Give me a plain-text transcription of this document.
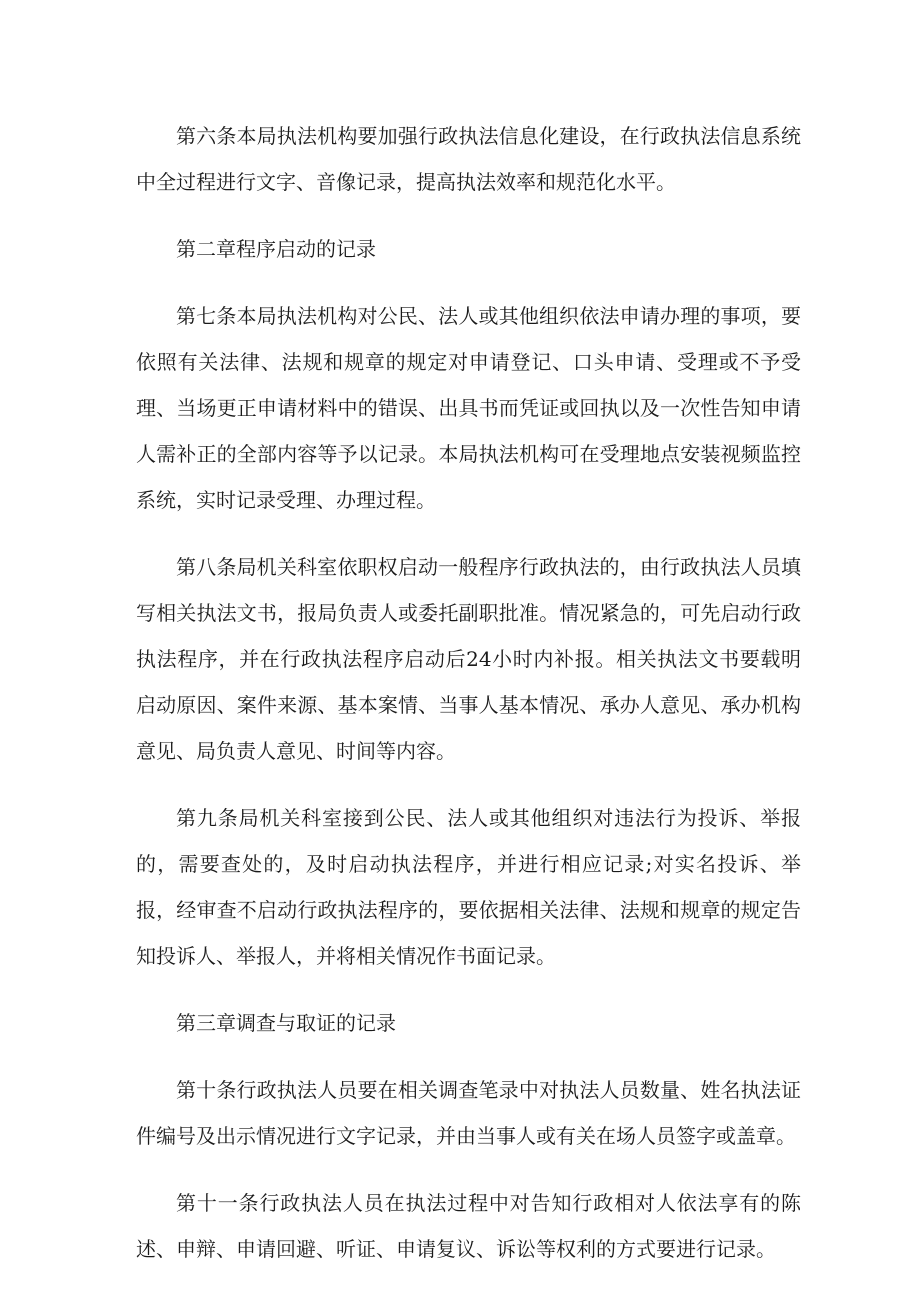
第六条本局执法机构要加强行政执法信息化建设，在行政执法信息系统中全过程进行文字、音像记录，提高执法效率和规范化水平。

第二章程序启动的记录

第七条本局执法机构对公民、法人或其他组织依法申请办理的事项，要依照有关法律、法规和规章的规定对申请登记、口头申请、受理或不予受理、当场更正申请材料中的错误、出具书而凭证或回执以及一次性告知申请人需补正的全部内容等予以记录。本局执法机构可在受理地点安装视频监控系统，实时记录受理、办理过程。

第八条局机关科室依职权启动一般程序行政执法的，由行政执法人员填写相关执法文书，报局负责人或委托副职批准。情况紧急的，可先启动行政执法程序，并在行政执法程序启动后24小时内补报。相关执法文书要载明启动原因、案件来源、基本案情、当事人基本情况、承办人意见、承办机构意见、局负责人意见、时间等内容。

第九条局机关科室接到公民、法人或其他组织对违法行为投诉、举报的，需要查处的，及时启动执法程序，并进行相应记录;对实名投诉、举报，经审查不启动行政执法程序的，要依据相关法律、法规和规章的规定告知投诉人、举报人，并将相关情况作书面记录。

第三章调查与取证的记录

第十条行政执法人员要在相关调查笔录中对执法人员数量、姓名执法证件编号及出示情况进行文字记录，并由当事人或有关在场人员签字或盖章。

第十一条行政执法人员在执法过程中对告知行政相对人依法享有的陈述、申辩、申请回避、听证、申请复议、诉讼等权利的方式要进行记录。
